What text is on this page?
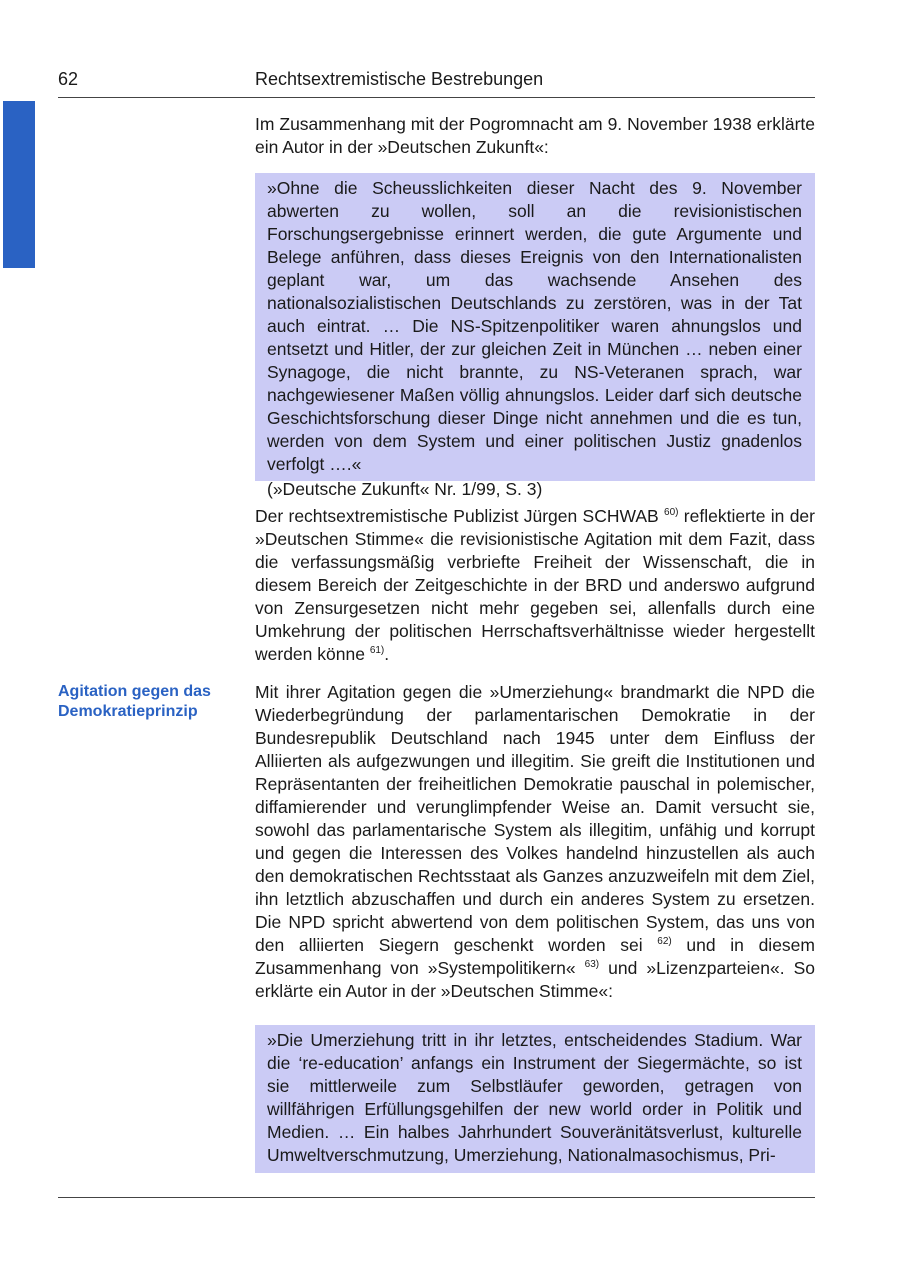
62	Rechtsextremistische Bestrebungen
Agitation gegen das Demokratieprinzip
Im Zusammenhang mit der Pogromnacht am 9. November 1938 erklärte ein Autor in der »Deutschen Zukunft«:
»Ohne die Scheusslichkeiten dieser Nacht des 9. November abwerten zu wollen, soll an die revisionistischen Forschungsergebnisse erinnert werden, die gute Argumente und Belege anführen, dass dieses Ereignis von den Internationalisten geplant war, um das wachsende Ansehen des nationalsozialistischen Deutschlands zu zerstören, was in der Tat auch eintrat. … Die NS-Spitzenpolitiker waren ahnungslos und entsetzt und Hitler, der zur gleichen Zeit in München … neben einer Synagoge, die nicht brannte, zu NS-Veteranen sprach, war nachgewiesener Maßen völlig ahnungslos. Leider darf sich deutsche Geschichtsforschung dieser Dinge nicht annehmen und die es tun, werden von dem System und einer politischen Justiz gnadenlos verfolgt ….«
(»Deutsche Zukunft« Nr. 1/99, S. 3)
Der rechtsextremistische Publizist Jürgen SCHWAB $^{60)}$ reflektierte in der »Deutschen Stimme« die revisionistische Agitation mit dem Fazit, dass die verfassungsmäßig verbriefte Freiheit der Wissenschaft, die in diesem Bereich der Zeitgeschichte in der BRD und anderswo aufgrund von Zensurgesetzen nicht mehr gegeben sei, allenfalls durch eine Umkehrung der politischen Herrschaftsverhältnisse wieder hergestellt werden könne $^{61)}$.
Mit ihrer Agitation gegen die »Umerziehung« brandmarkt die NPD die Wiederbegründung der parlamentarischen Demokratie in der Bundesrepublik Deutschland nach 1945 unter dem Einfluss der Alliierten als aufgezwungen und illegitim. Sie greift die Institutionen und Repräsentanten der freiheitlichen Demokratie pauschal in polemischer, diffamierender und verunglimpfender Weise an. Damit versucht sie, sowohl das parlamentarische System als illegitim, unfähig und korrupt und gegen die Interessen des Volkes handelnd hinzustellen als auch den demokratischen Rechtsstaat als Ganzes anzuzweifeln mit dem Ziel, ihn letztlich abzuschaffen und durch ein anderes System zu ersetzen. Die NPD spricht abwertend von dem politischen System, das uns von den alliierten Siegern geschenkt worden sei $^{62)}$ und in diesem Zusammenhang von »Systempolitikern« $^{63)}$ und »Lizenzparteien«. So erklärte ein Autor in der »Deutschen Stimme«:
»Die Umerziehung tritt in ihr letztes, entscheidendes Stadium. War die ‘re-education’ anfangs ein Instrument der Siegermächte, so ist sie mittlerweile zum Selbstläufer geworden, getragen von willfährigen Erfüllungsgehilfen der new world order in Politik und Medien. … Ein halbes Jahrhundert Souveränitätsverlust, kulturelle Umweltverschmutzung, Umerziehung, Nationalmasochismus, Pri-
